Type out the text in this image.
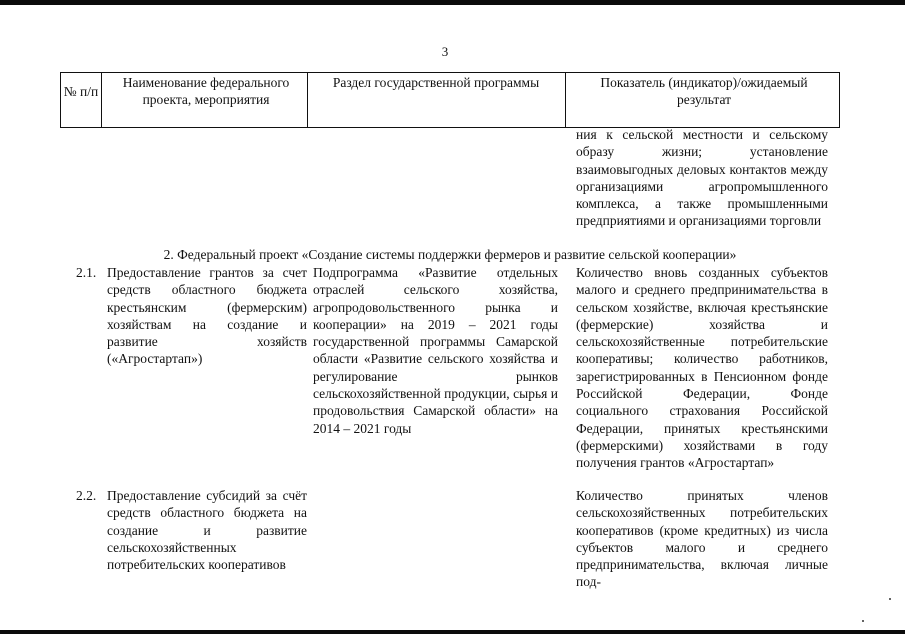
3
№ п/п
Наименование федерального проекта, мероприятия
Раздел государственной программы	Показатель (индикатор)/ожидаемый результат
ния к сельской местности и сельскому образу жизни; установление взаимовыгодных деловых контактов между организациями агропромышленного комплекса, а также промышленными предприятиями и организациями торговли
2. Федеральный проект «Создание системы поддержки фермеров и развитие сельской кооперации»
2.1. Предоставление грантов за счет средств областного бюджета крестьянским (фермерским) хозяйствам на создание и развитие хозяйств («Агростартап»)
Подпрограмма «Развитие отдельных отраслей сельского хозяйства, агропродовольственного рынка и кооперации» на 2019 – 2021 годы государственной программы Самарской области «Развитие сельского хозяйства и регулирование рынков сельскохозяйственной продукции, сырья и продовольствия Самарской области» на 2014 – 2021 годы
Количество вновь созданных субъектов малого и среднего предпринимательства в сельском хозяйстве, включая крестьянские (фермерские) хозяйства и сельскохозяйственные потребительские кооперативы; количество работников, зарегистрированных в Пенсионном фонде Российской Федерации, Фонде социального страхования Российской Федерации, принятых крестьянскими (фермерскими) хозяйствами в году получения грантов «Агростартап»
2.2. Предоставление субсидий за счёт средств областного бюджета на создание и развитие сельскохозяйственных потребительских кооперативов
Количество принятых членов сельскохозяйственных потребительских кооперативов (кроме кредитных) из числа субъектов малого и среднего предпринимательства, включая личные под-
